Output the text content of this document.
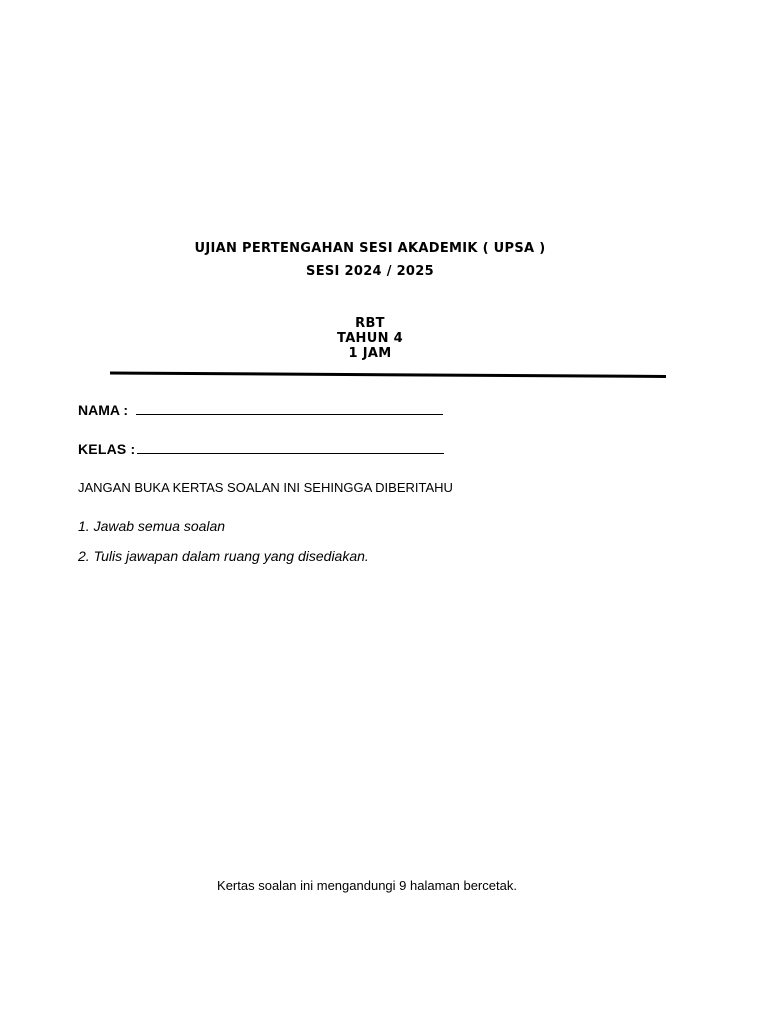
UJIAN PERTENGAHAN SESI AKADEMIK ( UPSA )
SESI 2024 / 2025
RBT
TAHUN 4
1 JAM
NAMA :
KELAS :
JANGAN BUKA KERTAS SOALAN INI SEHINGGA DIBERITAHU
1. Jawab semua soalan
2. Tulis jawapan dalam ruang yang disediakan.
Kertas soalan ini mengandungi 9 halaman bercetak.
